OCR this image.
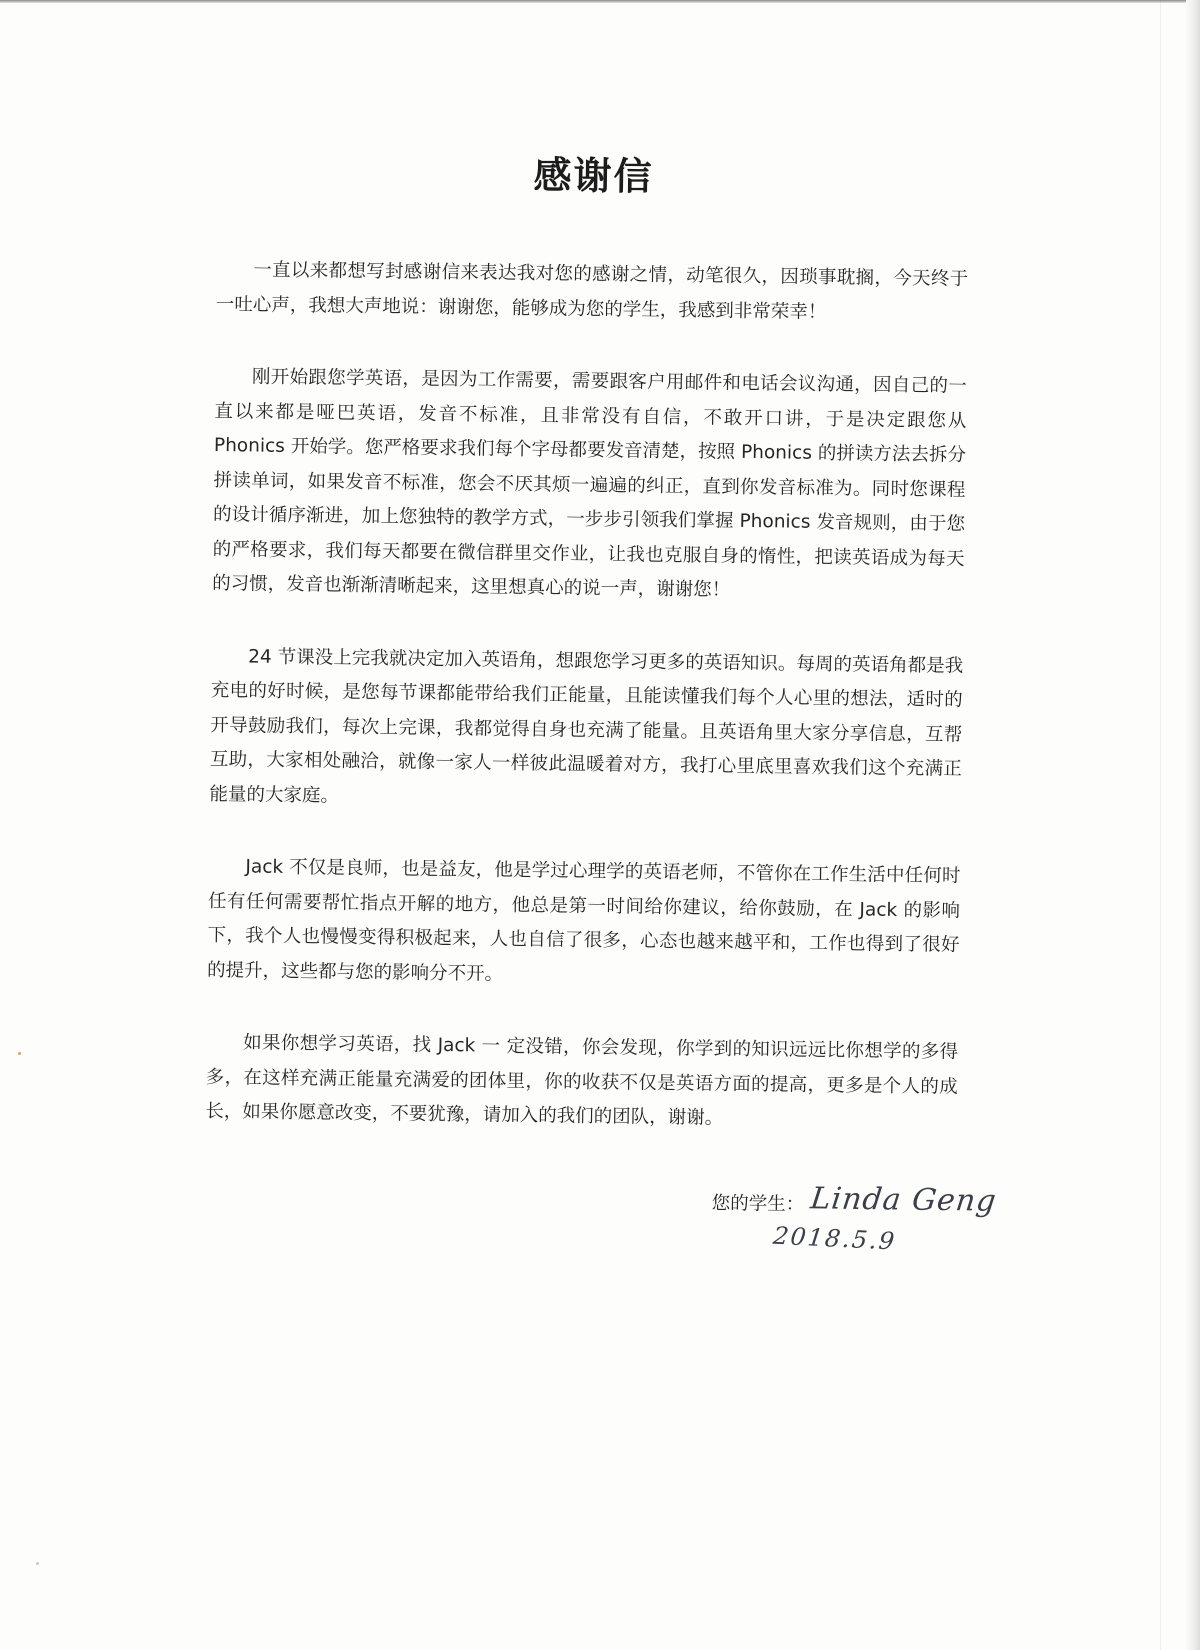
感谢信

一直以来都想写封感谢信来表达我对您的感谢之情，动笔很久，因琐事耽搁，今天终于一吐心声，我想大声地说：谢谢您，能够成为您的学生，我感到非常荣幸！

刚开始跟您学英语，是因为工作需要，需要跟客户用邮件和电话会议沟通，因自己的一直以来都是哑巴英语，发音不标准，且非常没有自信，不敢开口讲，于是决定跟您从 Phonics 开始学。您严格要求我们每个字母都要发音清楚，按照 Phonics 的拼读方法去拆分拼读单词，如果发音不标准，您会不厌其烦一遍遍的纠正，直到你发音标准为。同时您课程的设计循序渐进，加上您独特的教学方式，一步步引领我们掌握 Phonics 发音规则，由于您的严格要求，我们每天都要在微信群里交作业，让我也克服自身的惰性，把读英语成为每天的习惯，发音也渐渐清晰起来，这里想真心的说一声，谢谢您！

24 节课没上完我就决定加入英语角，想跟您学习更多的英语知识。每周的英语角都是我充电的好时候，是您每节课都能带给我们正能量，且能读懂我们每个人心里的想法，适时的开导鼓励我们，每次上完课，我都觉得自身也充满了能量。且英语角里大家分享信息，互帮互助，大家相处融洽，就像一家人一样彼此温暖着对方，我打心里底里喜欢我们这个充满正能量的大家庭。

Jack 不仅是良师，也是益友，他是学过心理学的英语老师，不管你在工作生活中任何时任有任何需要帮忙指点开解的地方，他总是第一时间给你建议，给你鼓励，在 Jack 的影响下，我个人也慢慢变得积极起来，人也自信了很多，心态也越来越平和，工作也得到了很好的提升，这些都与您的影响分不开。

如果你想学习英语，找 Jack 一 定没错，你会发现，你学到的知识远远比你想学的多得多，在这样充满正能量充满爱的团体里，你的收获不仅是英语方面的提高，更多是个人的成长，如果你愿意改变，不要犹豫，请加入的我们的团队，谢谢。

您的学生： Linda Geng
2018.5.9
